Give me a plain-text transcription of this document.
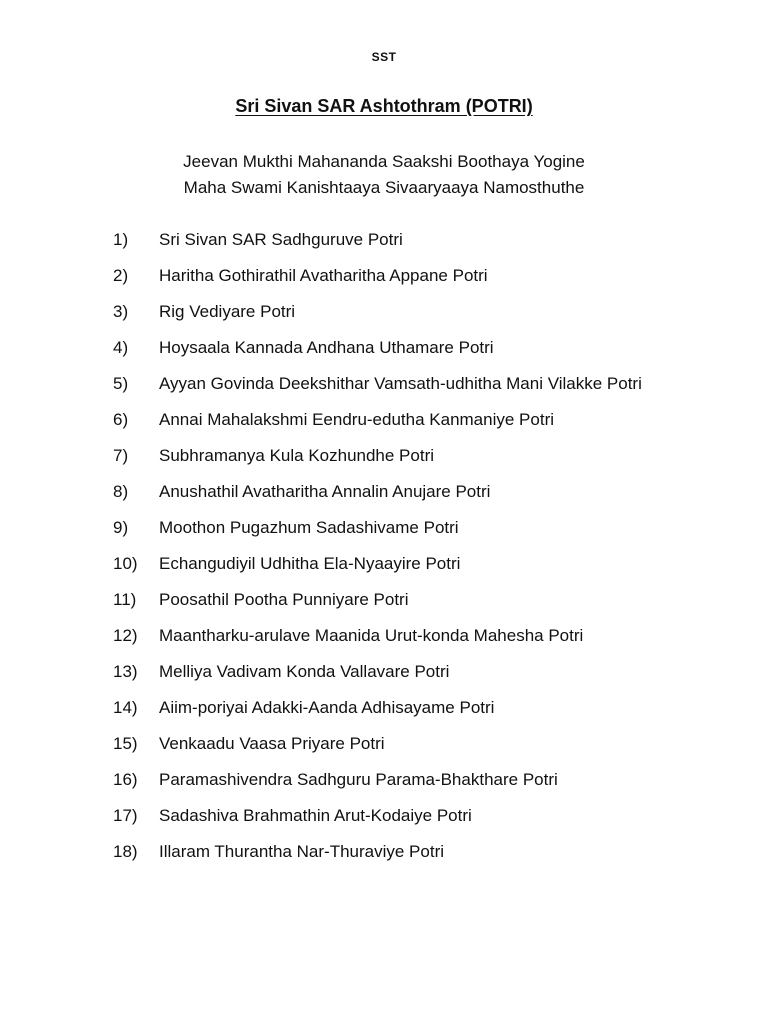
SST
Sri Sivan SAR Ashtothram (POTRI)
Jeevan Mukthi Mahananda Saakshi Boothaya Yogine
Maha Swami Kanishtaaya Sivaaryaaya Namosthuthe
1)	Sri Sivan SAR Sadhguruve Potri
2)	Haritha Gothirathil Avatharitha Appane Potri
3)	Rig Vediyare Potri
4)	Hoysaala Kannada Andhana Uthamare Potri
5)	Ayyan Govinda Deekshithar Vamsath-udhitha Mani Vilakke Potri
6)	Annai Mahalakshmi Eendru-edutha Kanmaniye Potri
7)	Subhramanya Kula Kozhundhe Potri
8)	Anushathil Avatharitha Annalin Anujare Potri
9)	Moothon Pugazhum Sadashivame Potri
10)	Echangudiyil Udhitha Ela-Nyaayire Potri
11)	Poosathil Pootha Punniyare Potri
12)	Maantharku-arulave Maanida Urut-konda Mahesha Potri
13)	Melliya Vadivam Konda Vallavare Potri
14)	Aiim-poriyai Adakki-Aanda Adhisayame Potri
15)	Venkaadu Vaasa Priyare Potri
16)	Paramashivendra Sadhguru Parama-Bhakthare Potri
17)	Sadashiva Brahmathin Arut-Kodaiye Potri
18)	Illaram Thurantha Nar-Thuraviye Potri
